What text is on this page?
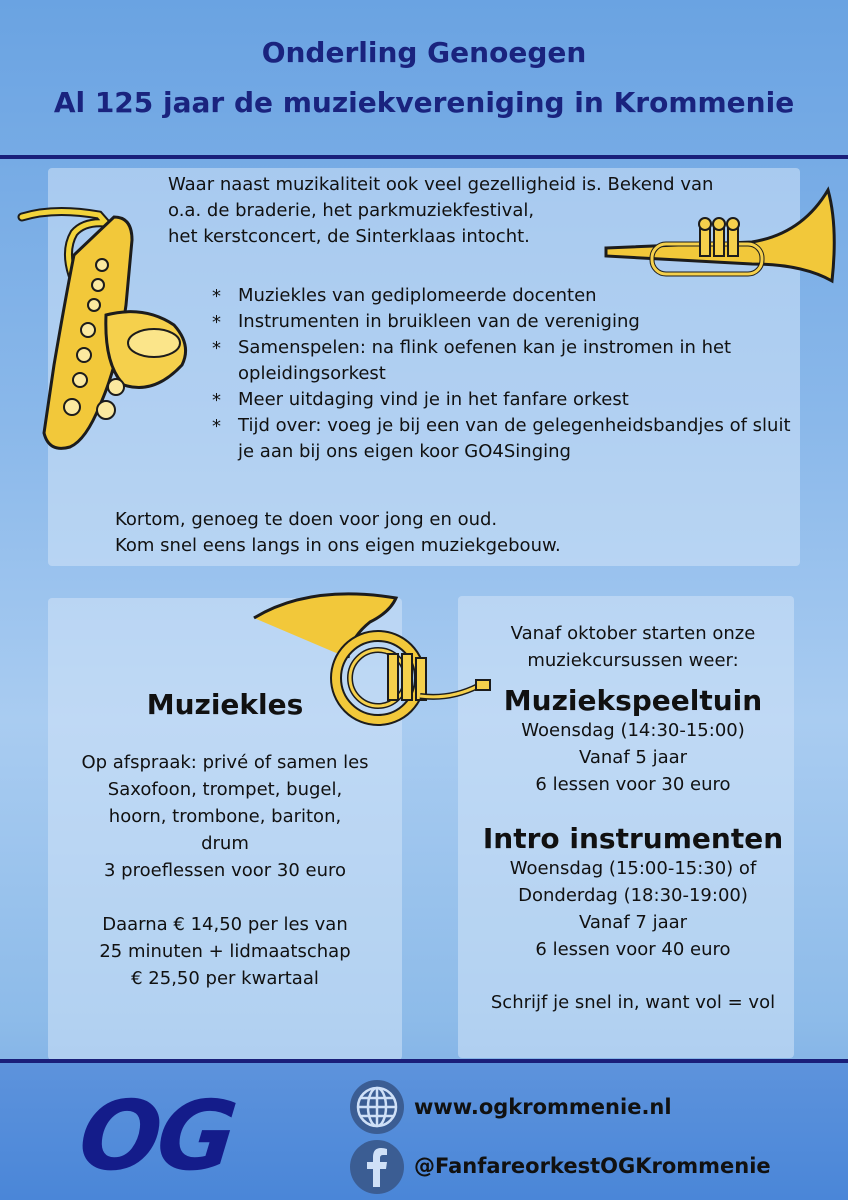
Onderling Genoegen
Al 125 jaar de muziekvereniging in Krommenie
Waar naast muzikaliteit ook veel gezelligheid is. Bekend van
o.a. de braderie, het parkmuziekfestival,
het kerstconcert, de Sinterklaas intocht.
* Muziekles van gediplomeerde docenten
* Instrumenten in bruikleen van de vereniging
* Samenspelen: na flink oefenen kan je instromen in het opleidingsorkest
* Meer uitdaging vind je in het fanfare orkest
* Tijd over: voeg je bij een van de gelegenheidsbandjes of sluit je aan bij ons eigen koor GO4Singing
Kortom, genoeg te doen voor jong en oud.
Kom snel eens langs in ons eigen muziekgebouw.
Muziekles
Op afspraak: privé of samen les
Saxofoon, trompet, bugel,
hoorn, trombone, bariton,
drum
3 proeflessen voor 30 euro
Daarna € 14,50 per les van
25 minuten + lidmaatschap
€ 25,50 per kwartaal
Vanaf oktober starten onze
muziekcursussen weer:
Muziekspeeltuin
Woensdag (14:30-15:00)
Vanaf 5 jaar
6 lessen voor 30 euro
Intro instrumenten
Woensdag (15:00-15:30) of
Donderdag (18:30-19:00)
Vanaf 7 jaar
6 lessen voor 40 euro
Schrijf je snel in, want vol = vol
OG	www.ogkrommenie.nl
@FanfareorkestOGKrommenie
